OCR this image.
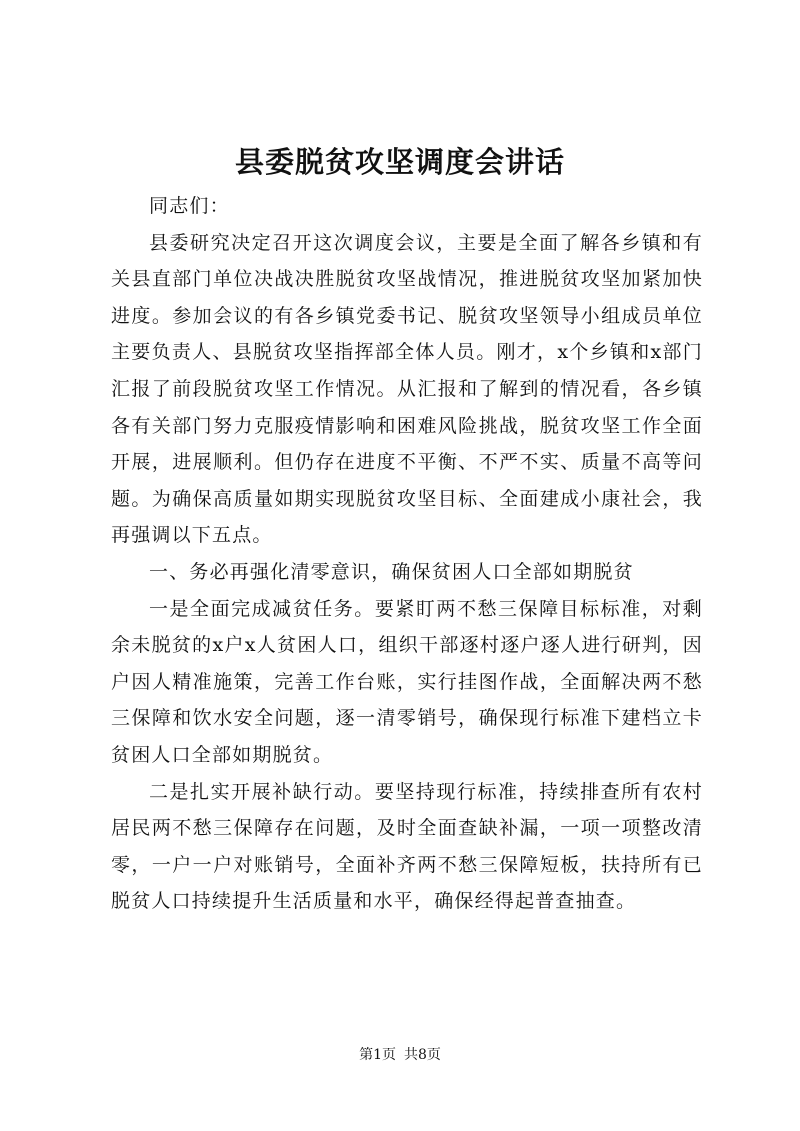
县委脱贫攻坚调度会讲话

同志们：

县委研究决定召开这次调度会议，主要是全面了解各乡镇和有关县直部门单位决战决胜脱贫攻坚战情况，推进脱贫攻坚加紧加快进度。参加会议的有各乡镇党委书记、脱贫攻坚领导小组成员单位主要负责人、县脱贫攻坚指挥部全体人员。刚才，x个乡镇和x部门汇报了前段脱贫攻坚工作情况。从汇报和了解到的情况看，各乡镇各有关部门努力克服疫情影响和困难风险挑战，脱贫攻坚工作全面开展，进展顺利。但仍存在进度不平衡、不严不实、质量不高等问题。为确保高质量如期实现脱贫攻坚目标、全面建成小康社会，我再强调以下五点。

一、务必再强化清零意识，确保贫困人口全部如期脱贫

一是全面完成减贫任务。要紧盯两不愁三保障目标标准，对剩余未脱贫的x户x人贫困人口，组织干部逐村逐户逐人进行研判，因户因人精准施策，完善工作台账，实行挂图作战，全面解决两不愁三保障和饮水安全问题，逐一清零销号，确保现行标准下建档立卡贫困人口全部如期脱贫。

二是扎实开展补缺行动。要坚持现行标准，持续排查所有农村居民两不愁三保障存在问题，及时全面查缺补漏，一项一项整改清零，一户一户对账销号，全面补齐两不愁三保障短板，扶持所有已脱贫人口持续提升生活质量和水平，确保经得起普查抽查。

第1页 共8页
